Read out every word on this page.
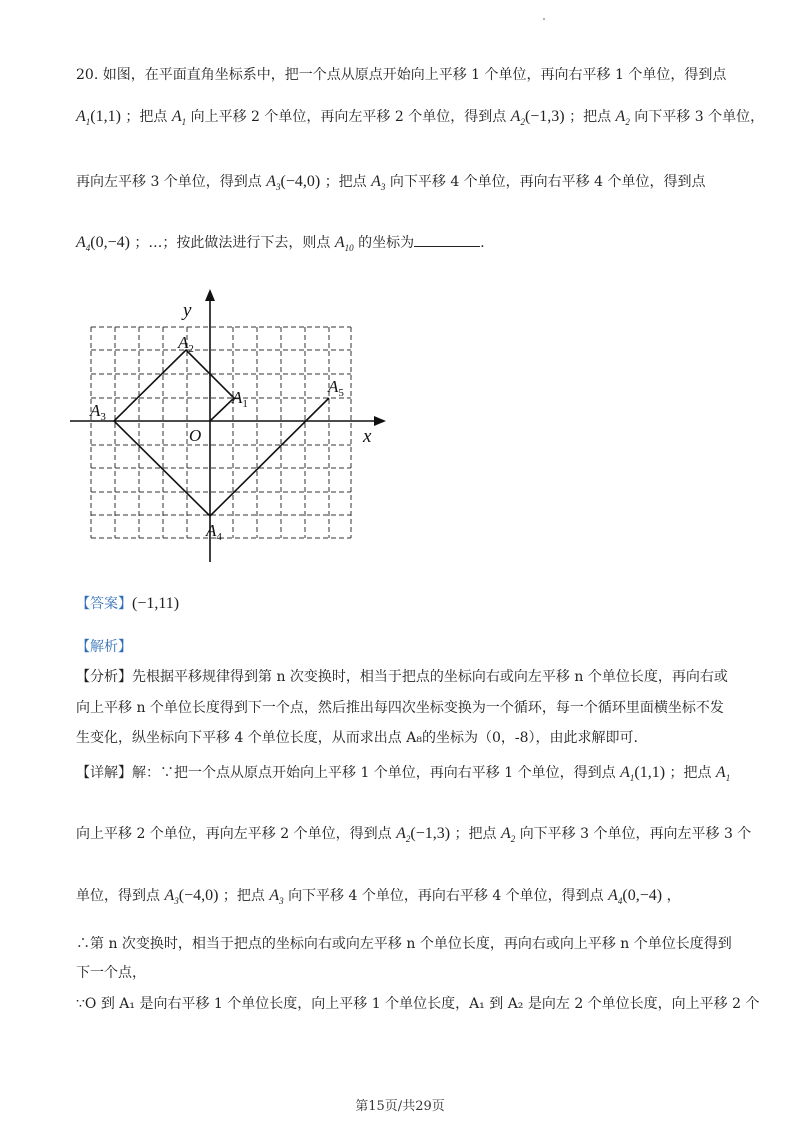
20. 如图，在平面直角坐标系中，把一个点从原点开始向上平移 1 个单位，再向右平移 1 个单位，得到点
$A_1(1,1)$ ；把点 $A_1$ 向上平移 2 个单位，再向左平移 2 个单位，得到点 $A_2(-1,3)$ ；把点 $A_2$ 向下平移 3 个单位，
再向左平移 3 个单位，得到点 $A_3(-4,0)$ ；把点 $A_3$ 向下平移 4 个单位，再向右平移 4 个单位，得到点
$A_4(0,-4)$ ；…；按此做法进行下去，则点 $A_{10}$ 的坐标为	.
y
x
O
$A_2$
$A_1$
$A_3$
$A_4$
$A_5$
【答案】(−1,11)
【解析】
【分析】先根据平移规律得到第 n 次变换时，相当于把点的坐标向右或向左平移 n 个单位长度，再向右或
向上平移 n 个单位长度得到下一个点，然后推出每四次坐标变换为一个循环，每一个循环里面横坐标不发
生变化，纵坐标向下平移 4 个单位长度，从而求出点 A₈的坐标为（0，-8），由此求解即可.
【详解】解：∵把一个点从原点开始向上平移 1 个单位，再向右平移 1 个单位，得到点 $A_1(1,1)$ ；把点 $A_1$
向上平移 2 个单位，再向左平移 2 个单位，得到点 $A_2(-1,3)$ ；把点 $A_2$ 向下平移 3 个单位，再向左平移 3 个
单位，得到点 $A_3(-4,0)$ ；把点 $A_3$ 向下平移 4 个单位，再向右平移 4 个单位，得到点 $A_4(0,-4)$ ，
∴第 n 次变换时，相当于把点的坐标向右或向左平移 n 个单位长度，再向右或向上平移 n 个单位长度得到
下一个点，
∵O 到 A₁ 是向右平移 1 个单位长度，向上平移 1 个单位长度，A₁ 到 A₂ 是向左 2 个单位长度，向上平移 2 个
第15页/共29页
